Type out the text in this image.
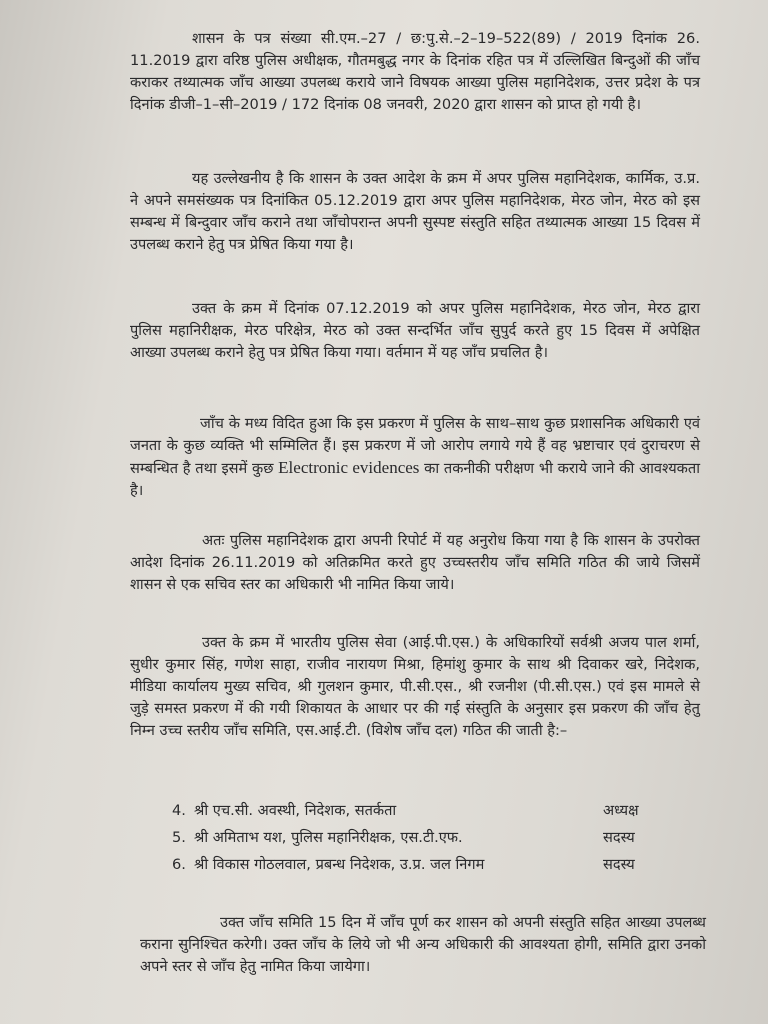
शासन के पत्र संख्या सी.एम.–27 / छ:पु.से.–2–19–522(89) / 2019 दिनांक 26. 11.2019 द्वारा वरिष्ठ पुलिस अधीक्षक, गौतमबुद्ध नगर के दिनांक रहित पत्र में उल्लिखित बिन्दुओं की जाँच कराकर तथ्यात्मक जाँच आख्या उपलब्ध कराये जाने विषयक आख्या पुलिस महानिदेशक, उत्तर प्रदेश के पत्र दिनांक डीजी–1–सी–2019 / 172 दिनांक 08 जनवरी, 2020 द्वारा शासन को प्राप्त हो गयी है।

यह उल्लेखनीय है कि शासन के उक्त आदेश के क्रम में अपर पुलिस महानिदेशक, कार्मिक, उ.प्र. ने अपने समसंख्यक पत्र दिनांकित 05.12.2019 द्वारा अपर पुलिस महानिदेशक, मेरठ जोन, मेरठ को इस सम्बन्ध में बिन्दुवार जाँच कराने तथा जाँचोपरान्त अपनी सुस्पष्ट संस्तुति सहित तथ्यात्मक आख्या 15 दिवस में उपलब्ध कराने हेतु पत्र प्रेषित किया गया है।

उक्त के क्रम में दिनांक 07.12.2019 को अपर पुलिस महानिदेशक, मेरठ जोन, मेरठ द्वारा पुलिस महानिरीक्षक, मेरठ परिक्षेत्र, मेरठ को उक्त सन्दर्भित जाँच सुपुर्द करते हुए 15 दिवस में अपेक्षित आख्या उपलब्ध कराने हेतु पत्र प्रेषित किया गया। वर्तमान में यह जाँच प्रचलित है।

जाँच के मध्य विदित हुआ कि इस प्रकरण में पुलिस के साथ–साथ कुछ प्रशासनिक अधिकारी एवं जनता के कुछ व्यक्ति भी सम्मिलित हैं। इस प्रकरण में जो आरोप लगाये गये हैं वह भ्रष्टाचार एवं दुराचरण से सम्बन्धित है तथा इसमें कुछ Electronic evidences का तकनीकी परीक्षण भी कराये जाने की आवश्यकता है।

अतः पुलिस महानिदेशक द्वारा अपनी रिपोर्ट में यह अनुरोध किया गया है कि शासन के उपरोक्त आदेश दिनांक 26.11.2019 को अतिक्रमित करते हुए उच्चस्तरीय जाँच समिति गठित की जाये जिसमें शासन से एक सचिव स्तर का अधिकारी भी नामित किया जाये।

उक्त के क्रम में भारतीय पुलिस सेवा (आई.पी.एस.) के अधिकारियों सर्वश्री अजय पाल शर्मा, सुधीर कुमार सिंह, गणेश साहा, राजीव नारायण मिश्रा, हिमांशु कुमार के साथ श्री दिवाकर खरे, निदेशक, मीडिया कार्यालय मुख्य सचिव, श्री गुलशन कुमार, पी.सी.एस., श्री रजनीश (पी.सी.एस.) एवं इस मामले से जुड़े समस्त प्रकरण में की गयी शिकायत के आधार पर की गई संस्तुति के अनुसार इस प्रकरण की जाँच हेतु निम्न उच्च स्तरीय जाँच समिति, एस.आई.टी. (विशेष जाँच दल) गठित की जाती है:–

4. श्री एच.सी. अवस्थी, निदेशक, सतर्कता	अध्यक्ष
5. श्री अमिताभ यश, पुलिस महानिरीक्षक, एस.टी.एफ.	सदस्य
6. श्री विकास गोठलवाल, प्रबन्ध निदेशक, उ.प्र. जल निगम	सदस्य

उक्त जाँच समिति 15 दिन में जाँच पूर्ण कर शासन को अपनी संस्तुति सहित आख्या उपलब्ध कराना सुनिश्चित करेगी। उक्त जाँच के लिये जो भी अन्य अधिकारी की आवश्यता होगी, समिति द्वारा उनको अपने स्तर से जाँच हेतु नामित किया जायेगा।
